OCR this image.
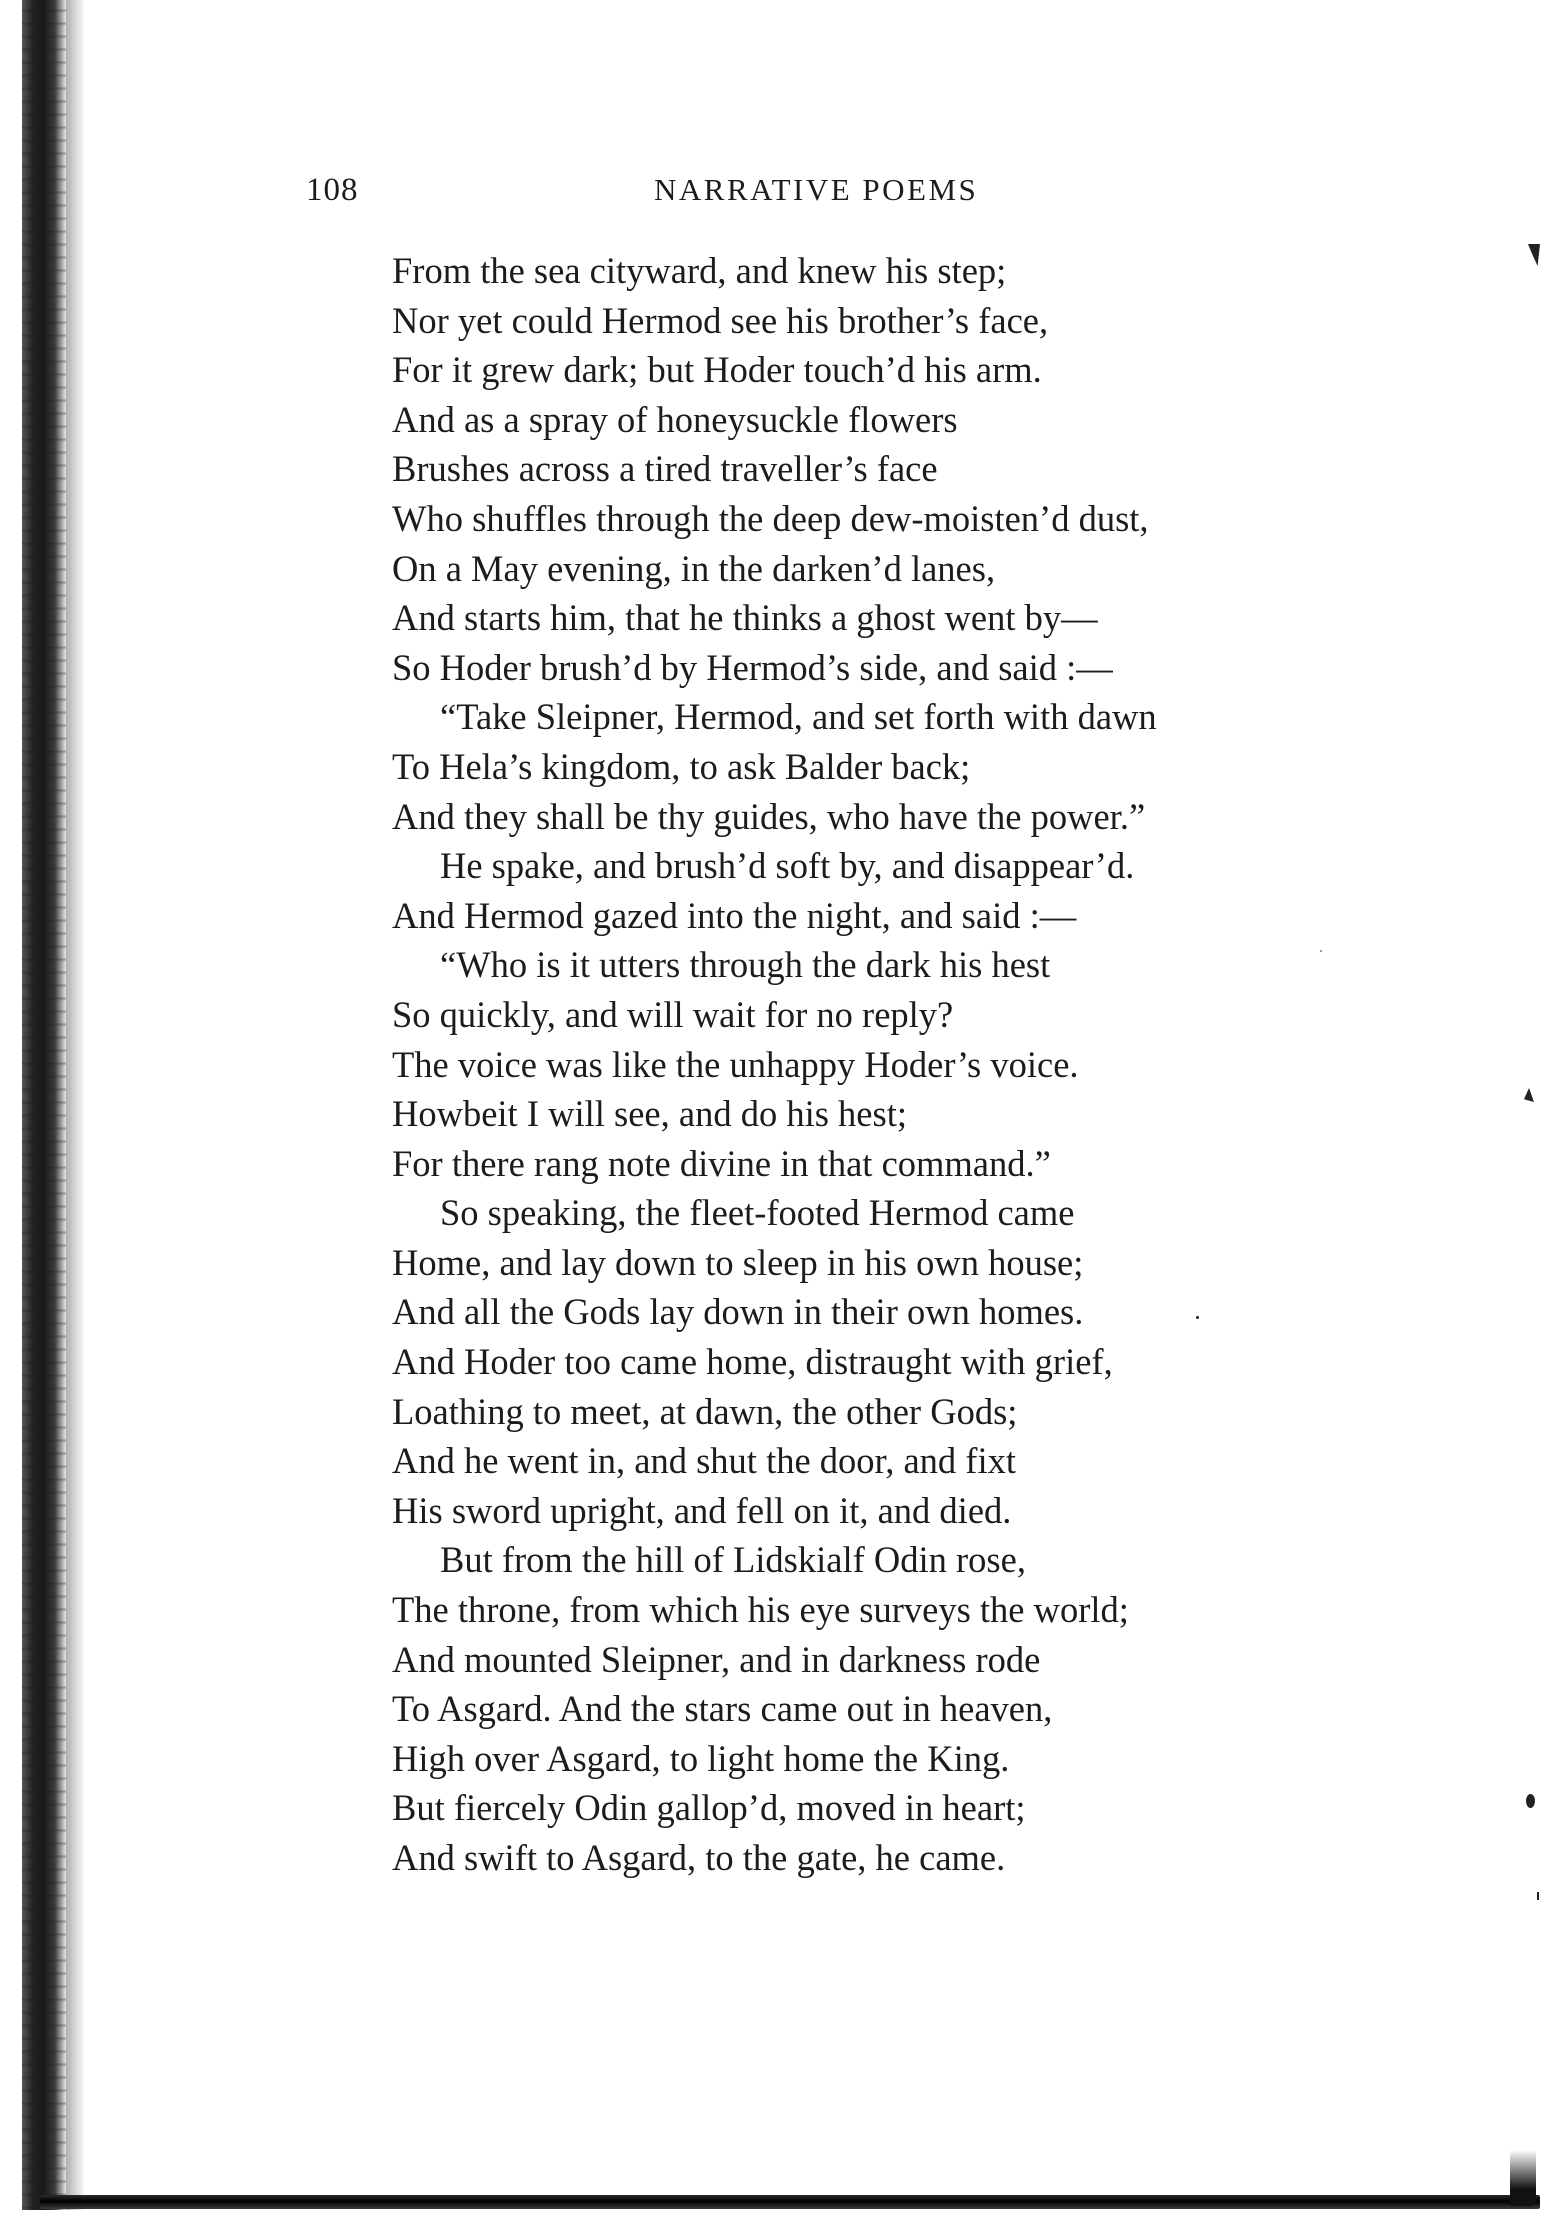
108	NARRATIVE POEMS
From the sea cityward, and knew his step;
Nor yet could Hermod see his brother’s face,
For it grew dark; but Hoder touch’d his arm.
And as a spray of honeysuckle flowers
Brushes across a tired traveller’s face
Who shuffles through the deep dew-moisten’d dust,
On a May evening, in the darken’d lanes,
And starts him, that he thinks a ghost went by—
So Hoder brush’d by Hermod’s side, and said :—
“Take Sleipner, Hermod, and set forth with dawn
To Hela’s kingdom, to ask Balder back;
And they shall be thy guides, who have the power.”
He spake, and brush’d soft by, and disappear’d.
And Hermod gazed into the night, and said :—
“Who is it utters through the dark his hest
So quickly, and will wait for no reply?
The voice was like the unhappy Hoder’s voice.
Howbeit I will see, and do his hest;
For there rang note divine in that command.”
So speaking, the fleet-footed Hermod came
Home, and lay down to sleep in his own house;
And all the Gods lay down in their own homes.
And Hoder too came home, distraught with grief,
Loathing to meet, at dawn, the other Gods;
And he went in, and shut the door, and fixt
His sword upright, and fell on it, and died.
But from the hill of Lidskialf Odin rose,
The throne, from which his eye surveys the world;
And mounted Sleipner, and in darkness rode
To Asgard. And the stars came out in heaven,
High over Asgard, to light home the King.
But fiercely Odin gallop’d, moved in heart;
And swift to Asgard, to the gate, he came.
